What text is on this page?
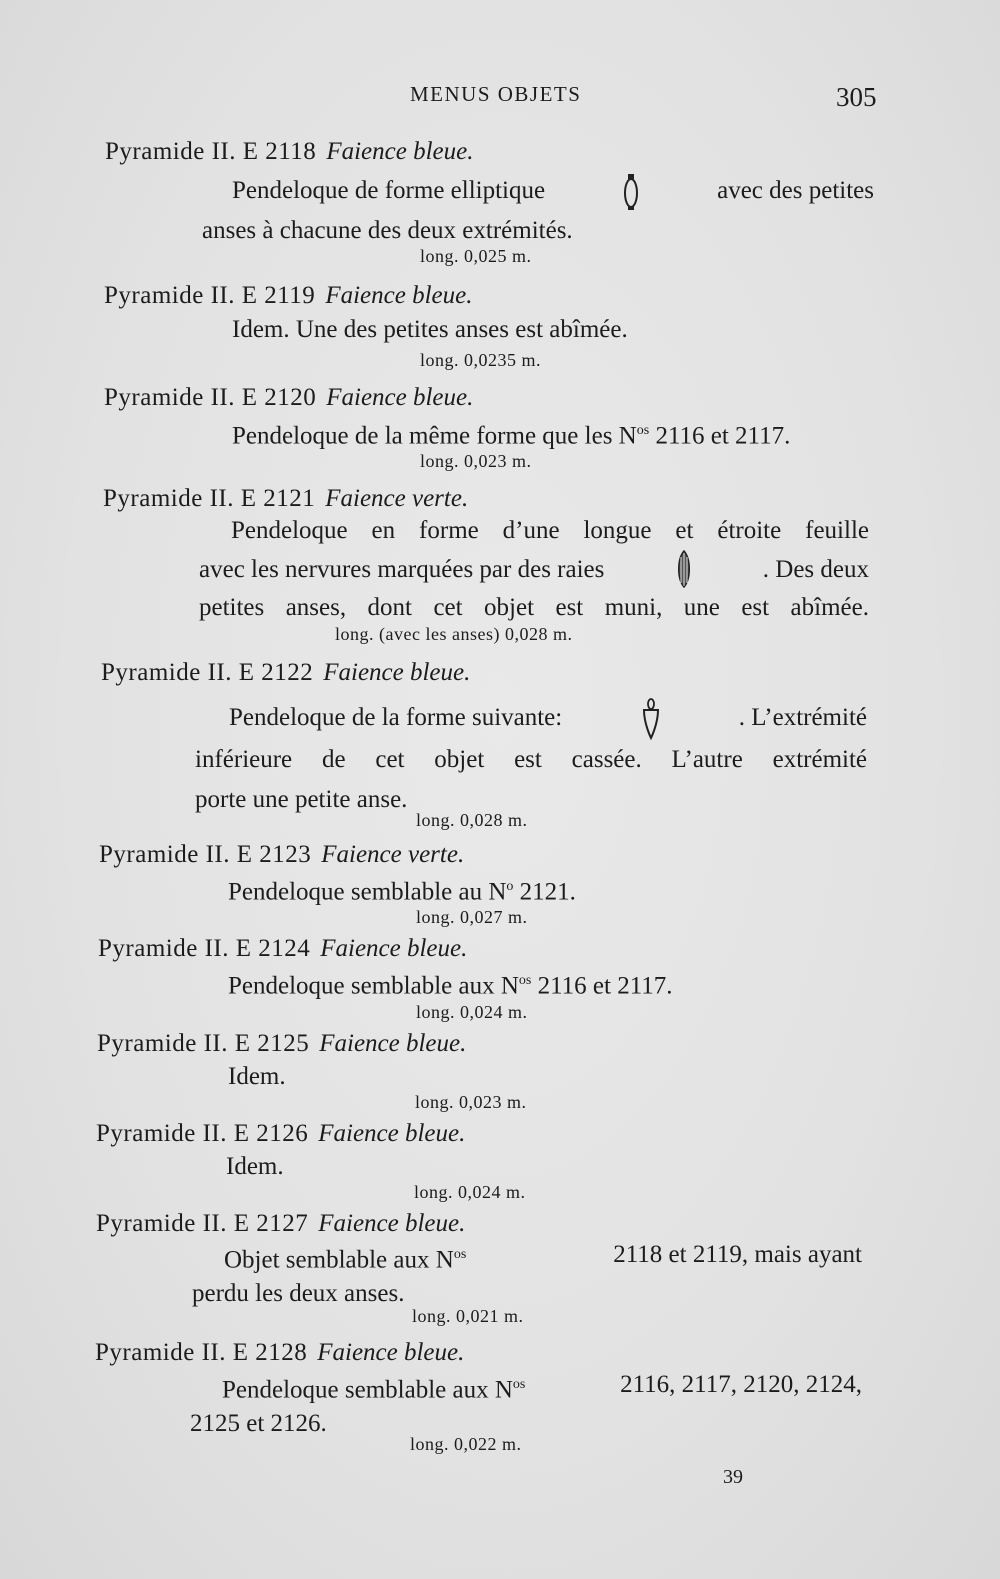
MENUS OBJETS	305
Pyramide II. E 2118 Faience bleue.
Pendeloque de forme elliptique	avec des petites
anses à chacune des deux extrémités.
long. 0,025 m.
Pyramide II. E 2119 Faience bleue.
Idem. Une des petites anses est abîmée.
long. 0,0235 m.
Pyramide II. E 2120 Faience bleue.
Pendeloque de la même forme que les $N^{os}$ 2116 et 2117.
long. 0,023 m.
Pyramide II. E 2121 Faience verte.
Pendeloque en forme d’une longue et étroite feuille
avec les nervures marquées par des raies	. Des deux
petites anses, dont cet objet est muni, une est abîmée.
long. (avec les anses) 0,028 m.
Pyramide II. E 2122 Faience bleue.
Pendeloque de la forme suivante:	. L’extrémité
inférieure de cet objet est cassée. L’autre extrémité
porte une petite anse.
long. 0,028 m.
Pyramide II. E 2123 Faience verte.
Pendeloque semblable au $N^o$ 2121.
long. 0,027 m.
Pyramide II. E 2124 Faience bleue.
Pendeloque semblable aux $N^{os}$ 2116 et 2117.
long. 0,024 m.
Pyramide II. E 2125 Faience bleue.
Idem.
long. 0,023 m.
Pyramide II. E 2126 Faience bleue.
Idem.
long. 0,024 m.
Pyramide II. E 2127 Faience bleue.
Objet semblable aux $N^{os}$	2118 et 2119, mais ayant
perdu les deux anses.
long. 0,021 m.
Pyramide II. E 2128 Faience bleue.
Pendeloque semblable aux $N^{os}$	2116, 2117, 2120, 2124,
2125 et 2126.
long. 0,022 m.
39
